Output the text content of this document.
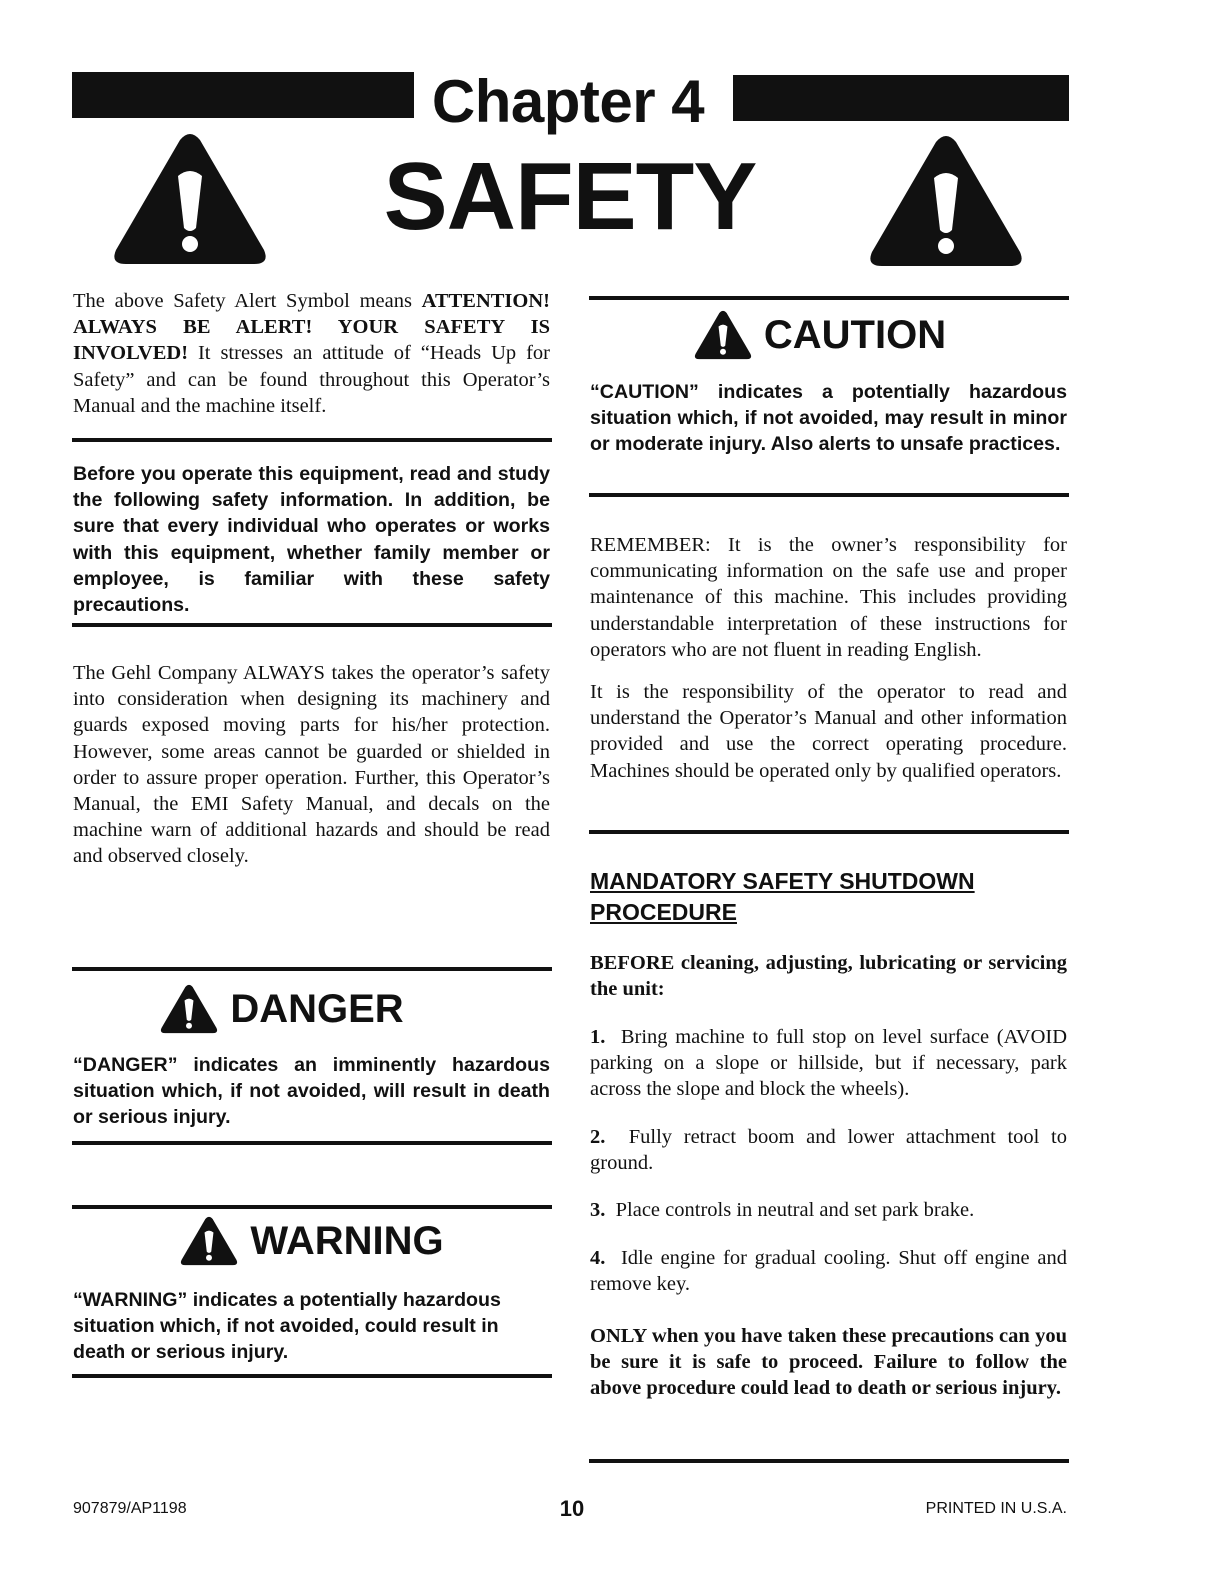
Chapter 4
SAFETY
The above Safety Alert Symbol means ATTENTION! ALWAYS BE ALERT! YOUR SAFETY IS INVOLVED! It stresses an attitude of “Heads Up for Safety” and can be found throughout this Operator’s Manual and the machine itself.
Before you operate this equipment, read and study the following safety information. In addition, be sure that every individual who operates or works with this equipment, whether family member or employee, is familiar with these safety precautions.
The Gehl Company ALWAYS takes the operator’s safety into consideration when designing its machinery and guards exposed moving parts for his/her protection. However, some areas cannot be guarded or shielded in order to assure proper operation. Further, this Operator’s Manual, the EMI Safety Manual, and decals on the machine warn of additional hazards and should be read and observed closely.
DANGER
“DANGER” indicates an imminently hazardous situation which, if not avoided, will result in death or serious injury.
WARNING
“WARNING” indicates a potentially hazardous situation which, if not avoided, could result in death or serious injury.
CAUTION
“CAUTION” indicates a potentially hazardous situation which, if not avoided, may result in minor or moderate injury. Also alerts to unsafe practices.
REMEMBER: It is the owner’s responsibility for communicating information on the safe use and proper maintenance of this machine. This includes providing understandable interpretation of these instructions for operators who are not fluent in reading English.
It is the responsibility of the operator to read and understand the Operator’s Manual and other information provided and use the correct operating procedure. Machines should be operated only by qualified operators.
MANDATORY SAFETY SHUTDOWN PROCEDURE
BEFORE cleaning, adjusting, lubricating or servicing the unit:
1. Bring machine to full stop on level surface (AVOID parking on a slope or hillside, but if necessary, park across the slope and block the wheels).
2. Fully retract boom and lower attachment tool to ground.
3. Place controls in neutral and set park brake.
4. Idle engine for gradual cooling. Shut off engine and remove key.
ONLY when you have taken these precautions can you be sure it is safe to proceed. Failure to follow the above procedure could lead to death or serious injury.
907879/AP1198	10	PRINTED IN U.S.A.
